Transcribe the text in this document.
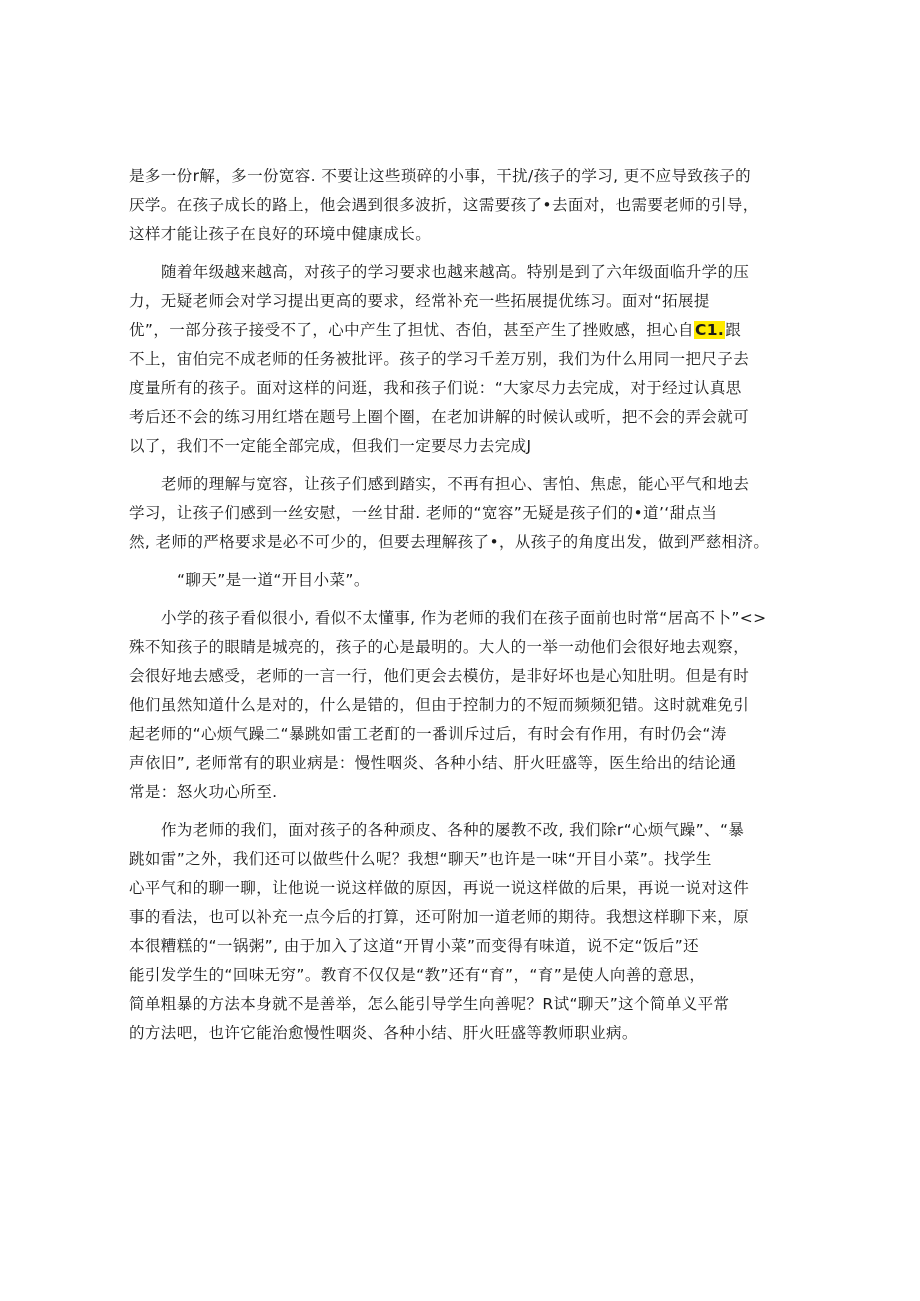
是多一份r解，多一份宽容. 不要让这些琐碎的小事，干扰/孩子的学习, 更不应导致孩子的
厌学。在孩子成长的路上，他会遇到很多波折，这需要孩了•去面对，也需要老师的引导，
这样才能让孩子在良好的环境中健康成长。
随着年级越来越高，对孩子的学习要求也越来越高。特别是到了六年级面临升学的压
力，无疑老师会对学习提出更高的要求，经常补充一些拓展提优练习。面对“拓展提
优”，一部分孩子接受不了，心中产生了担忧、杏伯，甚至产生了挫败感，担心自C1.跟
不上，宙伯完不成老师的任务被批评。孩子的学习千差万别，我们为什么用同一把尺子去
度量所有的孩子。面对这样的问逛，我和孩子们说：“大家尽力去完成，对于经过认真思
考后还不会的练习用红塔在题号上圈个圈，在老加讲解的时候认或听，把不会的弄会就可
以了，我们不一定能全部完成，但我们一定要尽力去完成J
老师的理解与宽容，让孩子们感到踏实，不再有担心、害怕、焦虑，能心平气和地去
学习，让孩子们感到一丝安慰，一丝甘甜. 老师的“宽容”无疑是孩子们的•道’‘甜点当
然, 老师的严格要求是必不可少的，但要去理解孩了•，从孩子的角度出发，做到严慈相济。
“聊天”是一道“开目小菜”。
小学的孩子看似很小, 看似不太懂事, 作为老师的我们在孩子面前也时常“居高不卜”<>
殊不知孩子的眼睛是城亮的，孩子的心是最明的。大人的一举一动他们会很好地去观察，
会很好地去感受，老师的一言一行，他们更会去模仿，是非好坏也是心知肚明。但是有时
他们虽然知道什么是对的，什么是错的，但由于控制力的不短而频频犯错。这时就难免引
起老师的“心烦气躁二“暴跳如雷工老酊的一番训斥过后，有时会有作用，有时仍会“涛
声依旧”, 老师常有的职业病是：慢性咽炎、各种小结、肝火旺盛等，医生给出的结论通
常是：怒火功心所至.
作为老师的我们，面对孩子的各种顽皮、各种的屡教不改, 我们除r“心烦气躁”、“暴
跳如雷”之外，我们还可以做些什么呢？我想“聊天”也许是一味“开目小菜”。找学生
心平气和的聊一聊，让他说一说这样做的原因，再说一说这样做的后果，再说一说对这件
事的看法，也可以补充一点今后的打算，还可附加一道老师的期待。我想这样聊下来，原
本很糟糕的“一锅粥”, 由于加入了这道“开胃小菜”而变得有味道，说不定“饭后”还
能引发学生的“回味无穷”。教育不仅仅是“教”还有“育”，“育”是使人向善的意思，
简单粗暴的方法本身就不是善举，怎么能引导学生向善呢？R试“聊天”这个简单义平常
的方法吧，也许它能治愈慢性咽炎、各种小结、肝火旺盛等教师职业病。
